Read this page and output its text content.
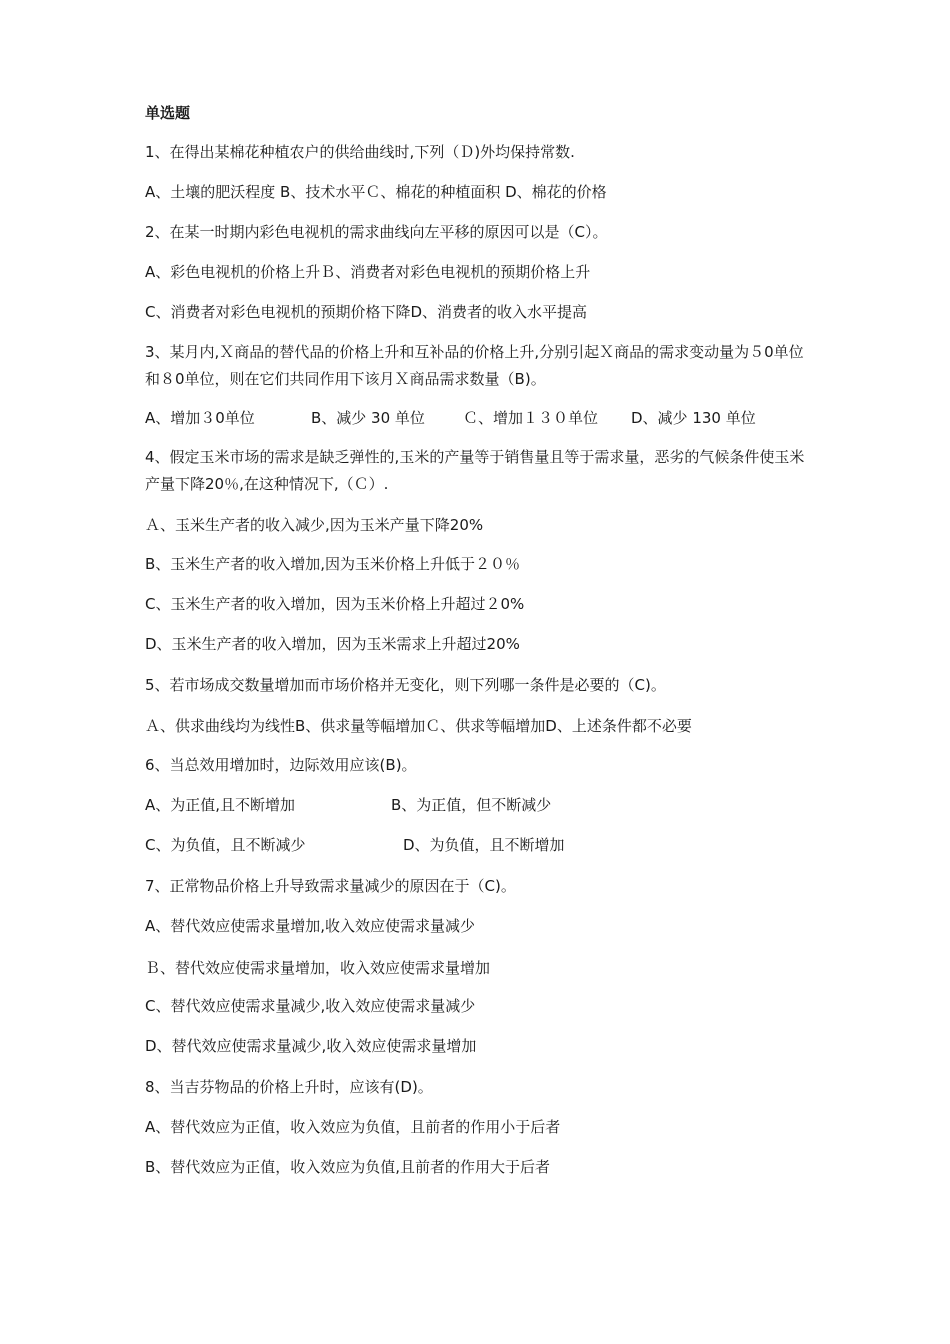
单选题
1、在得出某棉花种植农户的供给曲线时,下列（Ｄ)外均保持常数.
A、土壤的肥沃程度 B、技术水平Ｃ、棉花的种植面积 D、棉花的价格
2、在某一时期内彩色电视机的需求曲线向左平移的原因可以是（C）。
A、彩色电视机的价格上升Ｂ、消费者对彩色电视机的预期价格上升
C、消费者对彩色电视机的预期价格下降D、消费者的收入水平提高
3、某月内,Ｘ商品的替代品的价格上升和互补品的价格上升,分别引起Ｘ商品的需求变动量为５0单位和８0单位，则在它们共同作用下该月Ｘ商品需求数量（B)。
A、增加３0单位	B、减少 30 单位	Ｃ、增加１３０单位 D、减少 130 单位
4、假定玉米市场的需求是缺乏弹性的,玉米的产量等于销售量且等于需求量，恶劣的气候条件使玉米产量下降20％,在这种情况下,（Ｃ）.
Ａ、玉米生产者的收入减少,因为玉米产量下降20%
B、玉米生产者的收入增加,因为玉米价格上升低于２０％
C、玉米生产者的收入增加，因为玉米价格上升超过２0%
D、玉米生产者的收入增加，因为玉米需求上升超过20%
5、若市场成交数量增加而市场价格并无变化，则下列哪一条件是必要的（C)。
Ａ、供求曲线均为线性B、供求量等幅增加Ｃ、供求等幅增加D、上述条件都不必要
6、当总效用增加时，边际效用应该(B)。
A、为正值,且不断增加	B、为正值，但不断减少
C、为负值，且不断减少	D、为负值，且不断增加
7、正常物品价格上升导致需求量减少的原因在于（C)。
A、替代效应使需求量增加,收入效应使需求量减少
Ｂ、替代效应使需求量增加，收入效应使需求量增加
C、替代效应使需求量减少,收入效应使需求量减少
D、替代效应使需求量减少,收入效应使需求量增加
8、当吉芬物品的价格上升时，应该有(D)。
A、替代效应为正值，收入效应为负值，且前者的作用小于后者
B、替代效应为正值，收入效应为负值,且前者的作用大于后者
